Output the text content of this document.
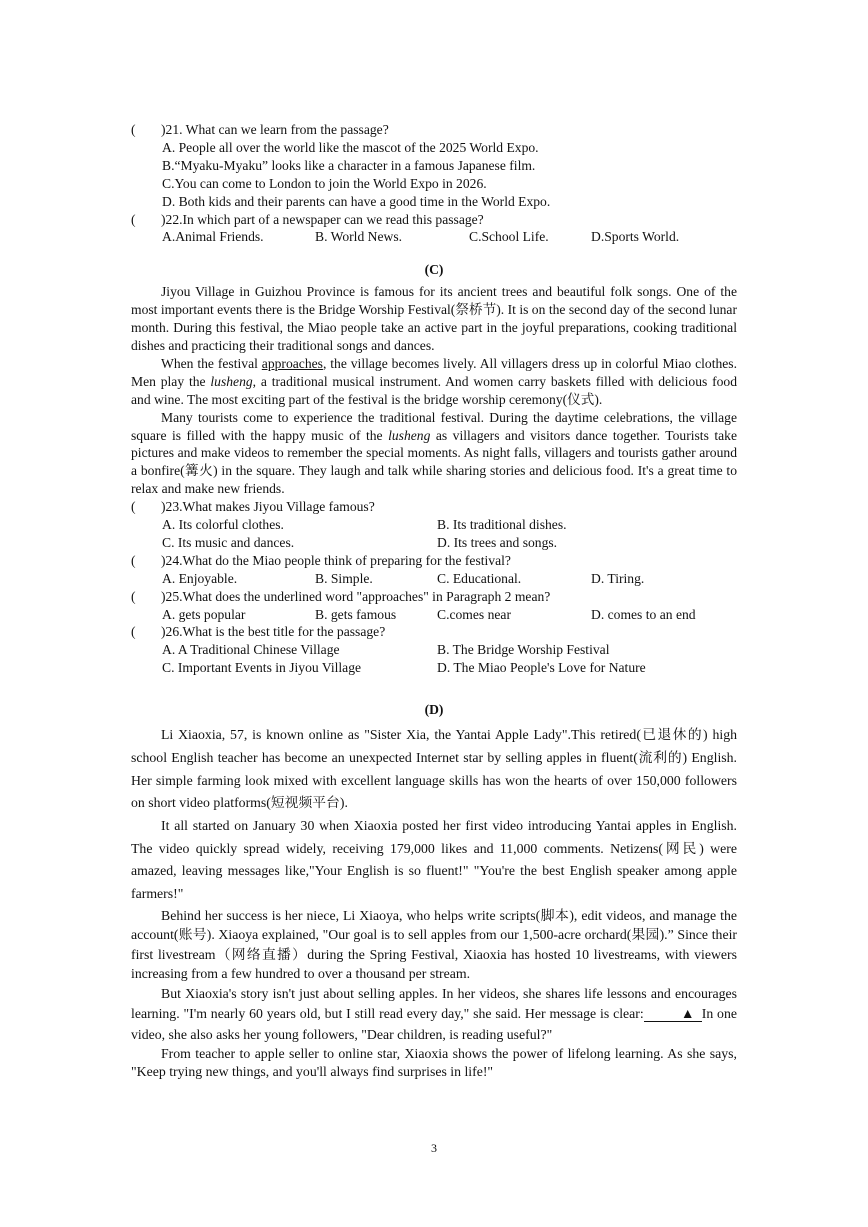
(	)21. What can we learn from the passage?
A. People all over the world like the mascot of the 2025 World Expo.
B.“Myaku-Myaku” looks like a character in a famous Japanese film.
C.You can come to London to join the World Expo in 2026.
D. Both kids and their parents can have a good time in the World Expo.
(	)22.In which part of a newspaper can we read this passage?
A.Animal Friends.	B. World News.	C.School Life.	D.Sports World.
(C)

Jiyou Village in Guizhou Province is famous for its ancient trees and beautiful folk songs. One of the most important events there is the Bridge Worship Festival(祭桥节). It is on the second day of the second lunar month. During this festival, the Miao people take an active part in the joyful preparations, cooking traditional dishes and practicing their traditional songs and dances.

When the festival approaches, the village becomes lively. All villagers dress up in colorful Miao clothes. Men play the lusheng, a traditional musical instrument. And women carry baskets filled with delicious food and wine. The most exciting part of the festival is the bridge worship ceremony(仪式).

Many tourists come to experience the traditional festival. During the daytime celebrations, the village square is filled with the happy music of the lusheng as villagers and visitors dance together. Tourists take pictures and make videos to remember the special moments. As night falls, villagers and tourists gather around a bonfire(篝火) in the square. They laugh and talk while sharing stories and delicious food. It's a great time to relax and make new friends.

(	)23.What makes Jiyou Village famous?
A. Its colorful clothes.	B. Its traditional dishes.
C. Its music and dances.	D. Its trees and songs.
(	)24.What do the Miao people think of preparing for the festival?
A. Enjoyable.	B. Simple.	C. Educational.	D. Tiring.
(	)25.What does the underlined word "approaches" in Paragraph 2 mean?
A. gets popular	B. gets famous	C.comes near	D. comes to an end
(	)26.What is the best title for the passage?
A. A Traditional Chinese Village	B. The Bridge Worship Festival
C. Important Events in Jiyou Village	D. The Miao People's Love for Nature
(D)

Li Xiaoxia, 57, is known online as "Sister Xia, the Yantai Apple Lady".This retired(已退休的) high school English teacher has become an unexpected Internet star by selling apples in fluent(流利的) English. Her simple farming look mixed with excellent language skills has won the hearts of over 150,000 followers on short video platforms(短视频平台).

It all started on January 30 when Xiaoxia posted her first video introducing Yantai apples in English. The video quickly spread widely, receiving 179,000 likes and 11,000 comments. Netizens(网民) were amazed, leaving messages like,"Your English is so fluent!" "You're the best English speaker among apple farmers!"

Behind her success is her niece, Li Xiaoya, who helps write scripts(脚本), edit videos, and manage the account(账号). Xiaoya explained, "Our goal is to sell apples from our 1,500-acre orchard(果园).” Since their first livestream（网络直播）during the Spring Festival, Xiaoxia has hosted 10 livestreams, with viewers increasing from a few hundred to over a thousand per stream.

But Xiaoxia's story isn't just about selling apples. In her videos, she shares life lessons and encourages learning. "I'm nearly 60 years old, but I still read every day," she said. Her message is clear:	▲ In one video, she also asks her young followers, "Dear children, is reading useful?"

From teacher to apple seller to online star, Xiaoxia shows the power of lifelong learning. As she says, "Keep trying new things, and you'll always find surprises in life!"

3
